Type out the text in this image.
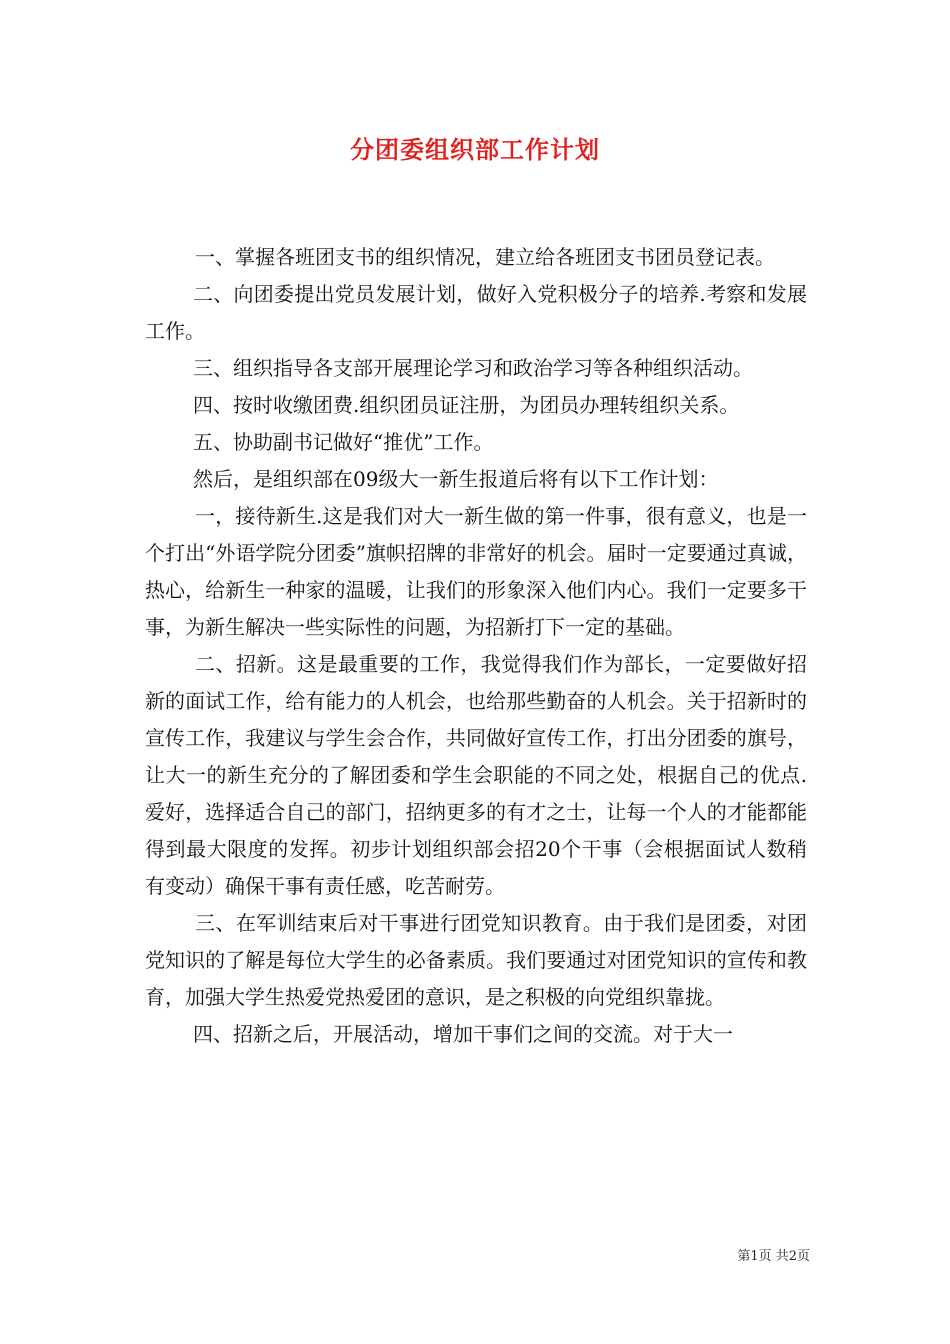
分团委组织部工作计划

一、掌握各班团支书的组织情况，建立给各班团支书团员登记表。

二、向团委提出党员发展计划，做好入党积极分子的培养.考察和发展工作。

三、组织指导各支部开展理论学习和政治学习等各种组织活动。

四、按时收缴团费.组织团员证注册，为团员办理转组织关系。

五、协助副书记做好“推优”工作。

然后，是组织部在09级大一新生报道后将有以下工作计划：

一，接待新生.这是我们对大一新生做的第一件事，很有意义，也是一个打出“外语学院分团委”旗帜招牌的非常好的机会。届时一定要通过真诚，热心，给新生一种家的温暖，让我们的形象深入他们内心。我们一定要多干事，为新生解决一些实际性的问题，为招新打下一定的基础。

二、招新。这是最重要的工作，我觉得我们作为部长，一定要做好招新的面试工作，给有能力的人机会，也给那些勤奋的人机会。关于招新时的宣传工作，我建议与学生会合作，共同做好宣传工作，打出分团委的旗号，让大一的新生充分的了解团委和学生会职能的不同之处，根据自己的优点.爱好，选择适合自己的部门，招纳更多的有才之士，让每一个人的才能都能得到最大限度的发挥。初步计划组织部会招20个干事（会根据面试人数稍有变动）确保干事有责任感，吃苦耐劳。

三、在军训结束后对干事进行团党知识教育。由于我们是团委，对团党知识的了解是每位大学生的必备素质。我们要通过对团党知识的宣传和教育，加强大学生热爱党热爱团的意识，是之积极的向党组织靠拢。

四、招新之后，开展活动，增加干事们之间的交流。对于大一

第1页 共2页
